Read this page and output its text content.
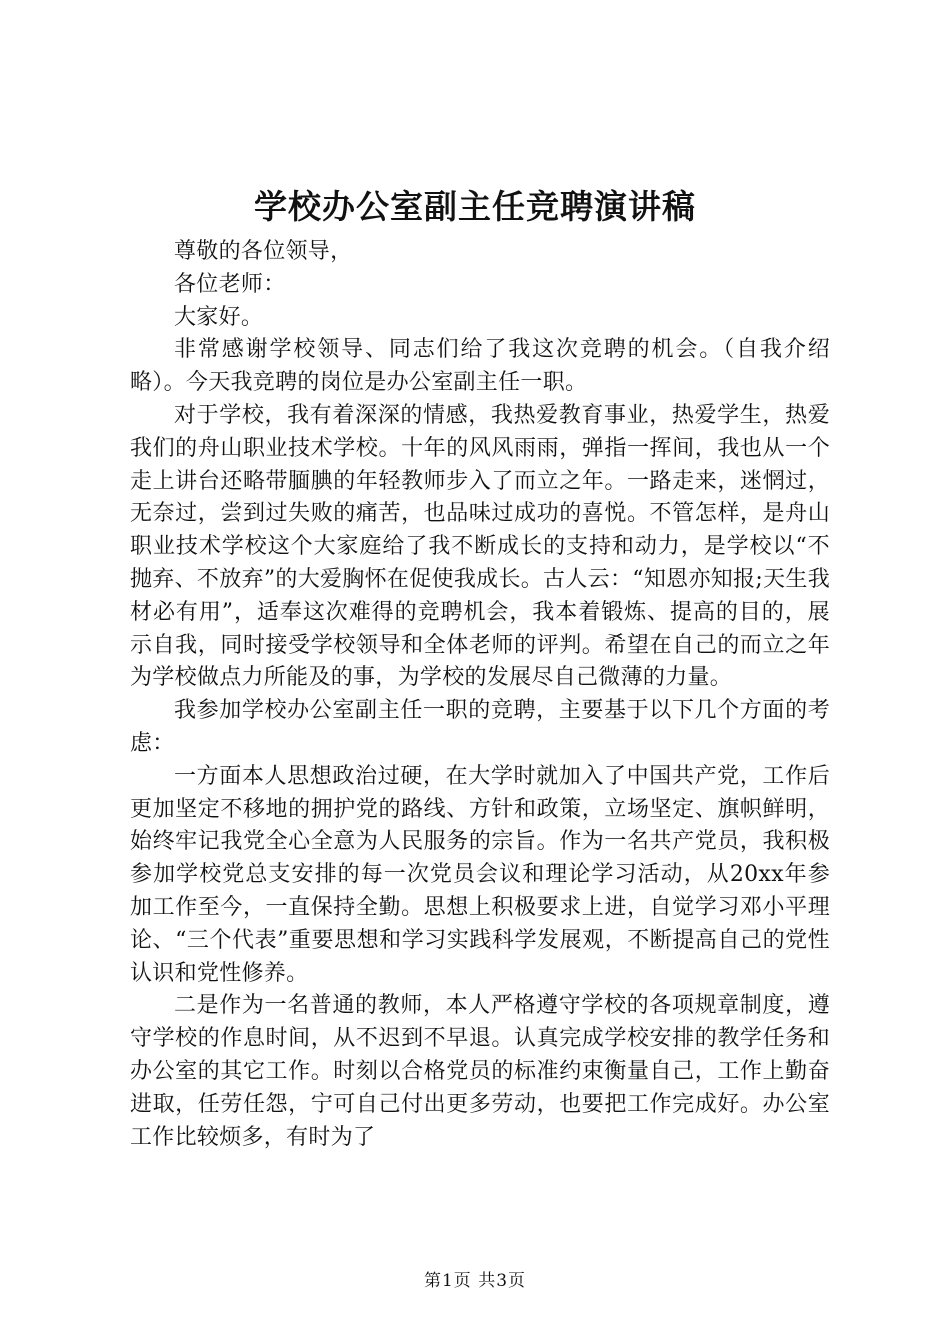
学校办公室副主任竞聘演讲稿

尊敬的各位领导，

各位老师：

大家好。

非常感谢学校领导、同志们给了我这次竞聘的机会。（自我介绍略）。今天我竞聘的岗位是办公室副主任一职。

对于学校，我有着深深的情感，我热爱教育事业，热爱学生，热爱我们的舟山职业技术学校。十年的风风雨雨，弹指一挥间，我也从一个走上讲台还略带腼腆的年轻教师步入了而立之年。一路走来，迷惘过，无奈过，尝到过失败的痛苦，也品味过成功的喜悦。不管怎样，是舟山职业技术学校这个大家庭给了我不断成长的支持和动力，是学校以“不抛弃、不放弃”的大爱胸怀在促使我成长。古人云：“知恩亦知报;天生我材必有用”，适奉这次难得的竞聘机会，我本着锻炼、提高的目的，展示自我，同时接受学校领导和全体老师的评判。希望在自己的而立之年为学校做点力所能及的事，为学校的发展尽自己微薄的力量。

我参加学校办公室副主任一职的竞聘，主要基于以下几个方面的考虑：

一方面本人思想政治过硬，在大学时就加入了中国共产党，工作后更加坚定不移地的拥护党的路线、方针和政策，立场坚定、旗帜鲜明，始终牢记我党全心全意为人民服务的宗旨。作为一名共产党员，我积极参加学校党总支安排的每一次党员会议和理论学习活动，从20xx年参加工作至今，一直保持全勤。思想上积极要求上进，自觉学习邓小平理论、“三个代表”重要思想和学习实践科学发展观，不断提高自己的党性认识和党性修养。

二是作为一名普通的教师，本人严格遵守学校的各项规章制度，遵守学校的作息时间，从不迟到不早退。认真完成学校安排的教学任务和办公室的其它工作。时刻以合格党员的标准约束衡量自己，工作上勤奋进取，任劳任怨，宁可自己付出更多劳动，也要把工作完成好。办公室工作比较烦多，有时为了

第1页 共3页
